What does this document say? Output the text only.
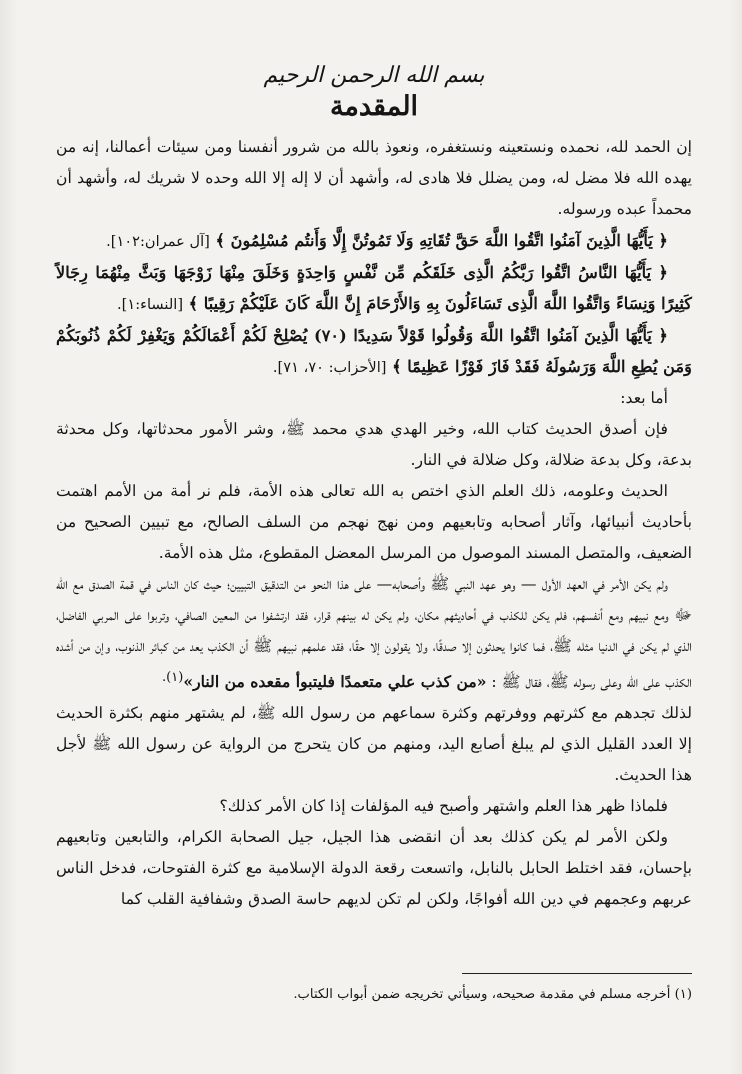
بسم الله الرحمن الرحيم

المقدمة

إن الحمد لله، نحمده ونستعينه ونستغفره، ونعوذ بالله من شرور أنفسنا ومن سيئات أعمالنا، إنه من يهده الله فلا مضل له، ومن يضلل فلا هادى له، وأشهد أن لا إله إلا الله وحده لا شريك له، وأشهد أن محمداً عبده ورسوله.

﴿ يَأَيُّهَا الَّذِينَ آمَنُوا اتَّقُوا اللَّهَ حَقَّ تُقَاتِهِ وَلَا تَمُوتُنَّ إِلَّا وَأَنتُم مُسْلِمُونَ ﴾ [آل عمران:١٠٢].

﴿ يَأَيُّهَا النَّاسُ اتَّقُوا رَبَّكُمُ الَّذِى خَلَقَكُم مِّن نَّفْسٍ وَاحِدَةٍ وَخَلَقَ مِنْهَا زَوْجَهَا وَبَثَّ مِنْهُمَا رِجَالاً كَثِيرًا وَنِسَاءً وَاتَّقُوا اللَّهَ الَّذِى تَسَاءَلُونَ بِهِ وَالأَرْحَامَ إِنَّ اللَّهَ كَانَ عَلَيْكُمْ رَقِيبًا ﴾ [النساء:١].

﴿ يَأَيُّهَا الَّذِينَ آمَنُوا اتَّقُوا اللَّهَ وَقُولُوا قَوْلاً سَدِيدًا (٧٠) يُصْلِحْ لَكُمْ أَعْمَالَكُمْ وَيَغْفِرْ لَكُمْ ذُنُوبَكُمْ وَمَن يُطِعِ اللَّهَ وَرَسُولَهُ فَقَدْ فَازَ فَوْزًا عَظِيمًا ﴾ [الأحزاب: ٧٠، ٧١].

أما بعد:

فإن أصدق الحديث كتاب الله، وخير الهدي هدي محمد ﷺ، وشر الأمور محدثاتها، وكل محدثة بدعة، وكل بدعة ضلالة، وكل ضلالة في النار.

الحديث وعلومه، ذلك العلم الذي اختص به الله تعالى هذه الأمة، فلم نر أمة من الأمم اهتمت بأحاديث أنبيائها، وآثار أصحابه وتابعيهم ومن نهج نهجم من السلف الصالح، مع تبيين الصحيح من الضعيف، والمتصل المسند الموصول من المرسل المعضل المقطوع، مثل هذه الأمة.

ولم يكن الأمر في العهد الأول — وهو عهد النبي ﷺ وأصحابه— على هذا النحو من التدقيق التبيين؛ حيث كان الناس في قمة الصدق مع الله ﷻ ومع نبيهم ومع أنفسهم، فلم يكن للكذب في أحاديثهم مكان، ولم يكن له بينهم قرار، فقد ارتشفوا من المعين الصافي، وتربوا على المربي الفاضل، الذي لم يكن في الدنيا مثله ﷺ، فما كانوا يحدثون إلا صدقًا، ولا يقولون إلا حقًا، فقد علمهم نبيهم ﷺ أن الكذب يعد من كبائر الذنوب، وإن من أشده الكذب على الله وعلى رسوله ﷺ، فقال ﷺ : «من كذب علي متعمدًا فليتبوأ مقعده من النار»$^{(١).}$

لذلك تجدهم مع كثرتهم ووفرتهم وكثرة سماعهم من رسول الله ﷺ، لم يشتهر منهم بكثرة الحديث إلا العدد القليل الذي لم يبلغ أصابع اليد، ومنهم من كان يتحرج من الرواية عن رسول الله ﷺ لأجل هذا الحديث.

فلماذا ظهر هذا العلم واشتهر وأصبح فيه المؤلفات إذا كان الأمر كذلك؟

ولكن الأمر لم يكن كذلك بعد أن انقضى هذا الجيل، جيل الصحابة الكرام، والتابعين وتابعيهم بإحسان، فقد اختلط الحابل بالنابل، واتسعت رقعة الدولة الإسلامية مع كثرة الفتوحات، فدخل الناس عربهم وعجمهم في دين الله أفواجًا، ولكن لم تكن لديهم حاسة الصدق وشفافية القلب كما

(١) أخرجه مسلم في مقدمة صحيحه، وسيأتي تخريجه ضمن أبواب الكتاب.
